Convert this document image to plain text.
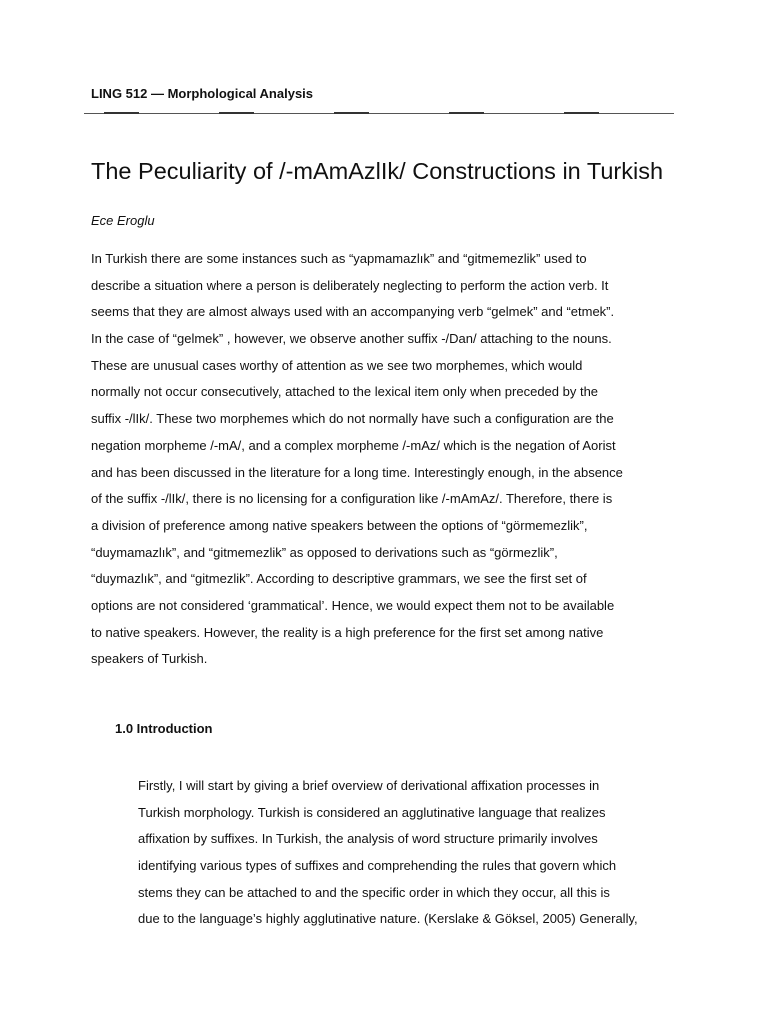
LING 512 — Morphological Analysis
The Peculiarity of /-mAmAzlIk/ Constructions in Turkish
Ece Eroglu
In Turkish there are some instances such as “yapmamazlık” and “gitmemezlik” used to
describe a situation where a person is deliberately neglecting to perform the action verb. It
seems that they are almost always used with an accompanying verb “gelmek” and “etmek”.
In the case of “gelmek” , however, we observe another suffix -/Dan/ attaching to the nouns.
These are unusual cases worthy of attention as we see two morphemes, which would
normally not occur consecutively, attached to the lexical item only when preceded by the
suffix -/lIk/. These two morphemes which do not normally have such a configuration are the
negation morpheme /-mA/, and a complex morpheme /-mAz/ which is the negation of Aorist
and has been discussed in the literature for a long time. Interestingly enough, in the absence
of the suffix -/lIk/, there is no licensing for a configuration like /-mAmAz/. Therefore, there is
a division of preference among native speakers between the options of “görmemezlik”,
“duymamazlık”, and “gitmemezlik” as opposed to derivations such as “görmezlik”,
“duymazlık”, and “gitmezlik”. According to descriptive grammars, we see the first set of
options are not considered ‘grammatical’. Hence, we would expect them not to be available
to native speakers. However, the reality is a high preference for the first set among native
speakers of Turkish.
1.0 Introduction
Firstly, I will start by giving a brief overview of derivational affixation processes in
Turkish morphology. Turkish is considered an agglutinative language that realizes
affixation by suffixes. In Turkish, the analysis of word structure primarily involves
identifying various types of suffixes and comprehending the rules that govern which
stems they can be attached to and the specific order in which they occur, all this is
due to the language’s highly agglutinative nature. (Kerslake & Göksel, 2005) Generally,
